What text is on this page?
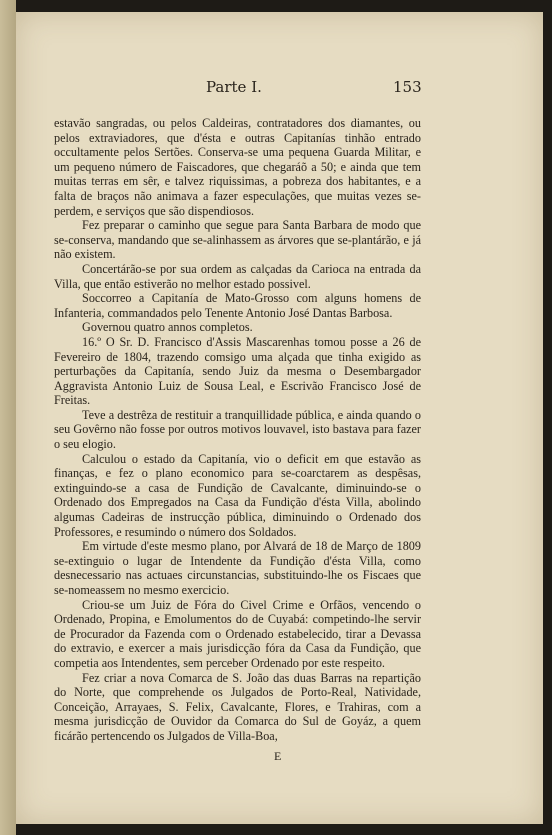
Parte I.	153

estavão sangradas, ou pelos Caldeiras, contratadores dos diamantes, ou pelos extraviadores, que d'ésta e outras Capitanías tinhão entrado occultamente pelos Sertões. Conserva-se uma pequena Guarda Militar, e um pequeno número de Faiscadores, que chegaráõ a 50; e ainda que tem muitas terras em sêr, e talvez riquissimas, a pobreza dos habitantes, e a falta de braços não animava a fazer especulações, que muitas vezes se-perdem, e serviços que são dispendiosos.

Fez preparar o caminho que segue para Santa Barbara de modo que se-conserva, mandando que se-alinhassem as árvores que se-plantárão, e já não existem.

Concertárão-se por sua ordem as calçadas da Carioca na entrada da Villa, que então estiverão no melhor estado possivel.

Soccorreo a Capitanía de Mato-Grosso com alguns homens de Infanteria, commandados pelo Tenente Antonio José Dantas Barbosa.

Governou quatro annos completos.

16.º O Sr. D. Francisco d'Assis Mascarenhas tomou posse a 26 de Fevereiro de 1804, trazendo comsigo uma alçada que tinha exigido as perturbações da Capitanía, sendo Juiz da mesma o Desembargador Aggravista Antonio Luiz de Sousa Leal, e Escrivão Francisco José de Freitas.

Teve a destrêza de restituir a tranquillidade pública, e ainda quando o seu Govêrno não fosse por outros motivos louvavel, isto bastava para fazer o seu elogio.

Calculou o estado da Capitanía, vio o deficit em que estavão as finanças, e fez o plano economico para se-coarctarem as despêsas, extinguindo-se a casa de Fundição de Cavalcante, diminuindo-se o Ordenado dos Empregados na Casa da Fundição d'ésta Villa, abolindo algumas Cadeiras de instrucção pública, diminuindo o Ordenado dos Professores, e resumindo o número dos Soldados.

Em virtude d'este mesmo plano, por Alvará de 18 de Março de 1809 se-extinguio o lugar de Intendente da Fundição d'ésta Villa, como desnecessario nas actuaes circunstancias, substituindo-lhe os Fiscaes que se-nomeassem no mesmo exercicio.

Criou-se um Juiz de Fóra do Civel Crime e Orfãos, vencendo o Ordenado, Propina, e Emolumentos do de Cuyabá: competindo-lhe servir de Procurador da Fazenda com o Ordenado estabelecido, tirar a Devassa do extravio, e exercer a mais jurisdicção fóra da Casa da Fundição, que competia aos Intendentes, sem perceber Ordenado por este respeito.

Fez criar a nova Comarca de S. João das duas Barras na repartição do Norte, que comprehende os Julgados de Porto-Real, Natividade, Conceição, Arrayaes, S. Felix, Cavalcante, Flores, e Trahiras, com a mesma jurisdicção de Ouvidor da Comarca do Sul de Goyáz, a quem ficárão pertencendo os Julgados de Villa-Boa,

E
